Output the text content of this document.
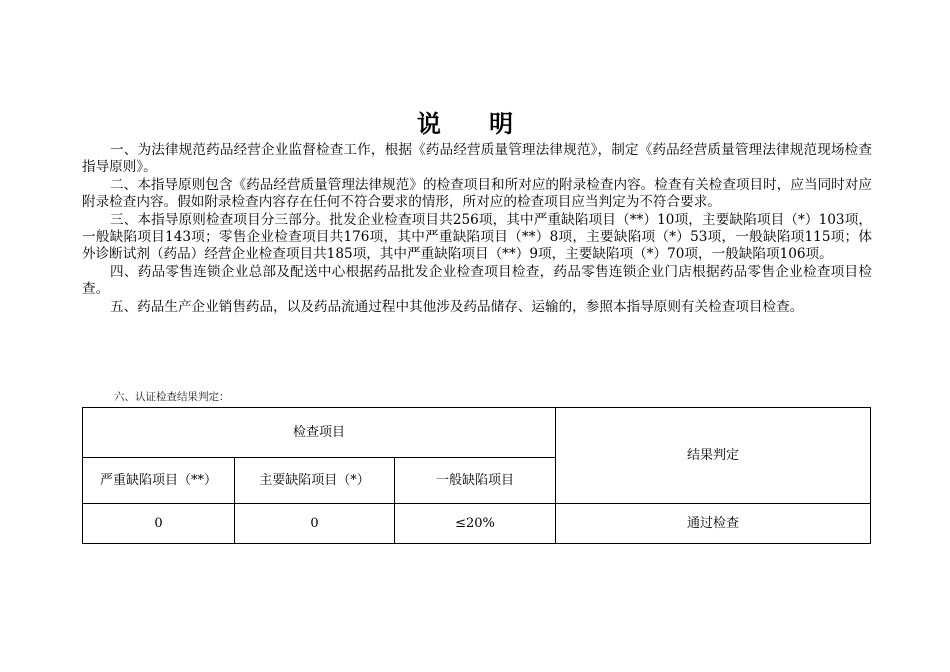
说 明

一、为法律规范药品经营企业监督检查工作，根据《药品经营质量管理法律规范》，制定《药品经营质量管理法律规范现场检查指导原则》。

二、本指导原则包含《药品经营质量管理法律规范》的检查项目和所对应的附录检查内容。检查有关检查项目时，应当同时对应附录检查内容。假如附录检查内容存在任何不符合要求的情形，所对应的检查项目应当判定为不符合要求。

三、本指导原则检查项目分三部分。批发企业检查项目共256项，其中严重缺陷项目（**）10项，主要缺陷项目（*）103项，一般缺陷项目143项；零售企业检查项目共176项，其中严重缺陷项目（**）8项，主要缺陷项（*）53项，一般缺陷项115项；体外诊断试剂（药品）经营企业检查项目共185项，其中严重缺陷项目（**）9项，主要缺陷项（*）70项，一般缺陷项106项。

四、药品零售连锁企业总部及配送中心根据药品批发企业检查项目检查，药品零售连锁企业门店根据药品零售企业检查项目检查。

五、药品生产企业销售药品，以及药品流通过程中其他涉及药品储存、运输的，参照本指导原则有关检查项目检查。

六、认证检查结果判定：
检查项目			结果判定
严重缺陷项目（**）	主要缺陷项目（*）	一般缺陷项目	
0	0	≤20%	通过检查
